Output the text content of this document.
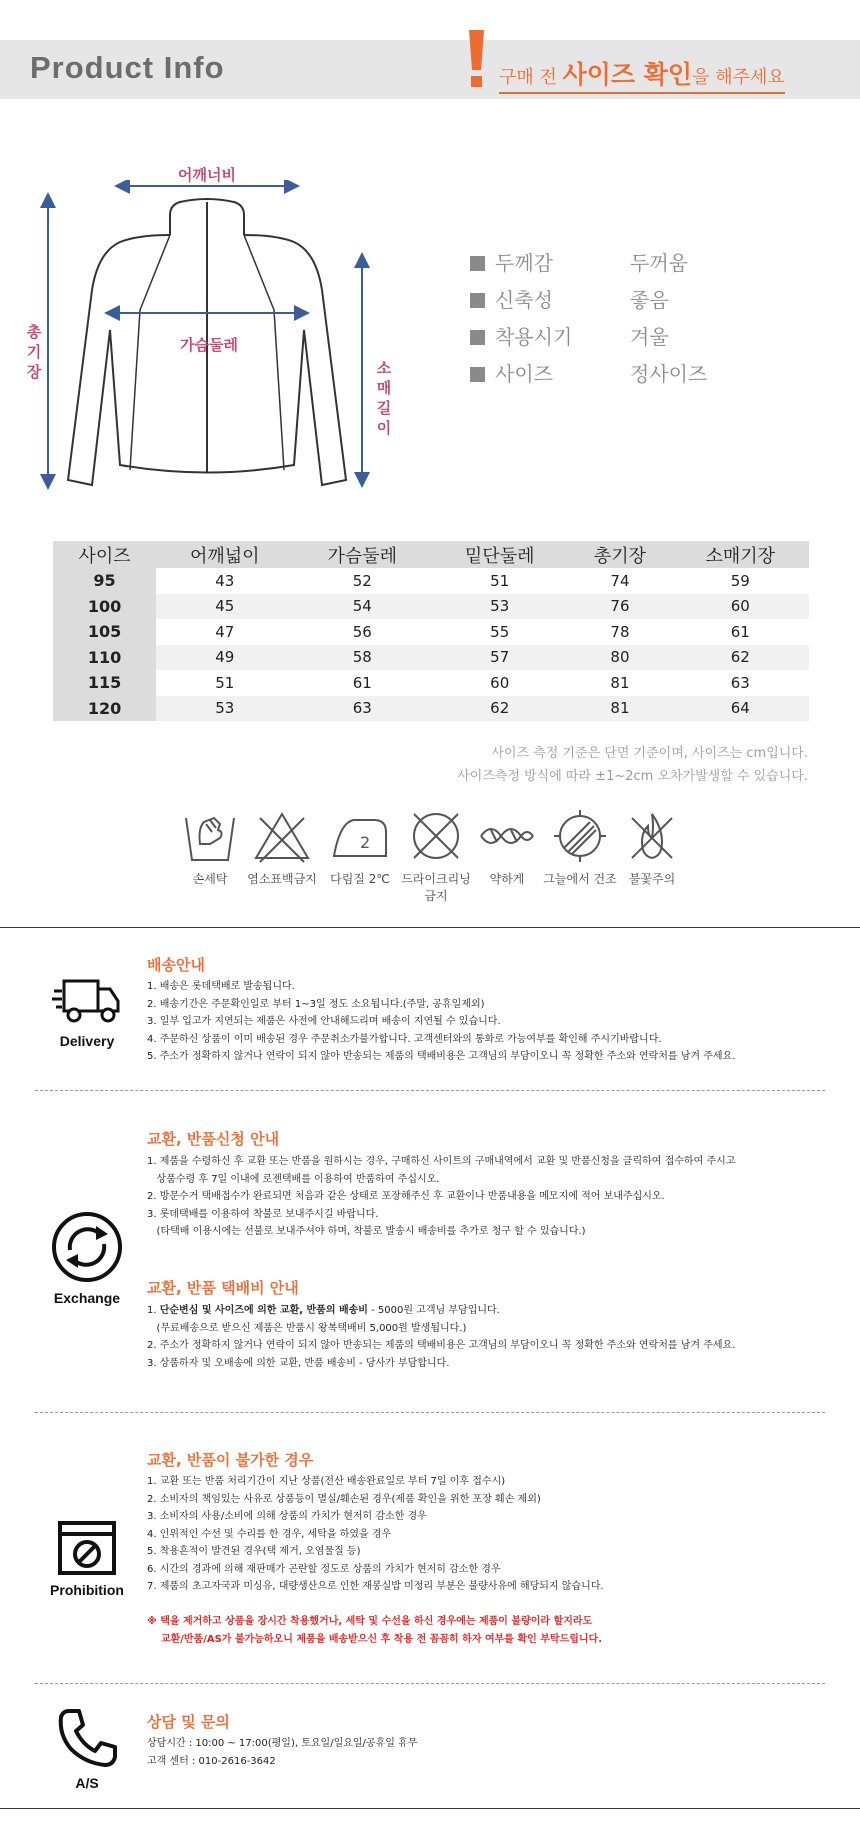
Product Info	구매 전 사이즈 확인을 해주세요
어깨너비
가슴둘레
총기장	소매길이
두께감	두꺼움
신축성	좋음
착용시기	겨울
사이즈	정사이즈
사이즈	어깨넓이	가슴둘레	밑단둘레	총기장	소매기장
95	43	52	51	74	59
100	45	54	53	76	60
105	47	56	55	78	61
110	49	58	57	80	62
115	51	61	60	81	63
120	53	63	62	81	64
사이즈 측정 기준은 단면 기준이며, 사이즈는 cm입니다.
사이즈측정 방식에 따라 ±1~2cm 오차가발생할 수 있습니다.
손세탁	염소표백금지
2
다림질 2℃ 드라이크리닝 금지
약하게	그늘에서 건조	불꽃주의
Delivery
배송안내
1. 배송은 롯데택배로 발송됩니다.
2. 배송기간은 주문확인일로 부터 1~3일 정도 소요됩니다.(주말, 공휴일제외)
3. 일부 입고가 지연되는 제품은 사전에 안내해드리며 배송이 지연될 수 있습니다.
4. 주문하신 상품이 이미 배송된 경우 주문취소가불가합니다. 고객센터와의 통화로 가능여부를 확인해 주시기바랍니다.
5. 주소가 정확하지 않거나 연락이 되지 않아 반송되는 제품의 택배비용은 고객님의 부담이오니 꼭 정확한 주소와 연락처를 남겨 주세요.
Exchange
교환, 반품신청 안내
1. 제품을 수령하신 후 교환 또는 반품을 원하시는 경우, 구매하신 사이트의 구매내역에서 교환 및 반품신청을 클릭하여 접수하여 주시고
상품수령 후 7일 이내에 로젠택배를 이용하여 반품하여 주십시오.
2. 방문수거 택배접수가 완료되면 처음과 같은 상태로 포장해주신 후 교환이나 반품내용을 메모지에 적어 보내주십시오.
3. 롯데택배를 이용하여 착불로 보내주시길 바랍니다.
(타택배 이용시에는 선불로 보내주셔야 하며, 착불로 발송시 배송비를 추가로 청구 할 수 있습니다.)
교환, 반품 택배비 안내
1. 단순변심 및 사이즈에 의한 교환, 반품의 배송비 - 5000원 고객님 부담입니다.
(무료배송으로 받으신 제품은 반품시 왕복택배비 5,000원 발생됩니다.)
2. 주소가 정확하지 않거나 연락이 되지 않아 반송되는 제품의 택배비용은 고객님의 부담이오니 꼭 정확한 주소와 연락처를 남겨 주세요.
3. 상품하자 및 오배송에 의한 교환, 반품 배송비 - 당사가 부담합니다.
Prohibition
교환, 반품이 불가한 경우
1. 교환 또는 반품 처리기간이 지난 상품(전산 배송완료일로 부터 7일 이후 접수시)
2. 소비자의 책임있는 사유로 상품등이 멸실/훼손된 경우(제품 확인을 위한 포장 훼손 제외)
3. 소비자의 사용/소비에 의해 상품의 가치가 현저히 감소한 경우
4. 인위적인 수선 및 수리를 한 경우, 세탁을 하였을 경우
5. 착용흔적이 발견된 경우(택 제거, 오염물질 등)
6. 시간의 경과에 의해 재판매가 곤란할 정도로 상품의 가치가 현저히 감소한 경우
7. 제품의 초고자국과 미싱유, 대량생산으로 인한 재봉실밥 미정리 부분은 불량사유에 해당되지 않습니다.
※ 택을 제거하고 상품을 장시간 착용했거나, 세탁 및 수선을 하신 경우에는 제품이 불량이라 할지라도
교환/반품/AS가 불가능하오니 제품을 배송받으신 후 착용 전 꼼꼼히 하자 여부를 확인 부탁드립니다.
A/S
상담 및 문의
상담시간 : 10:00 ~ 17:00(평일), 토요일/일요일/공휴일 휴무
고객 센터 : 010-2616-3642
